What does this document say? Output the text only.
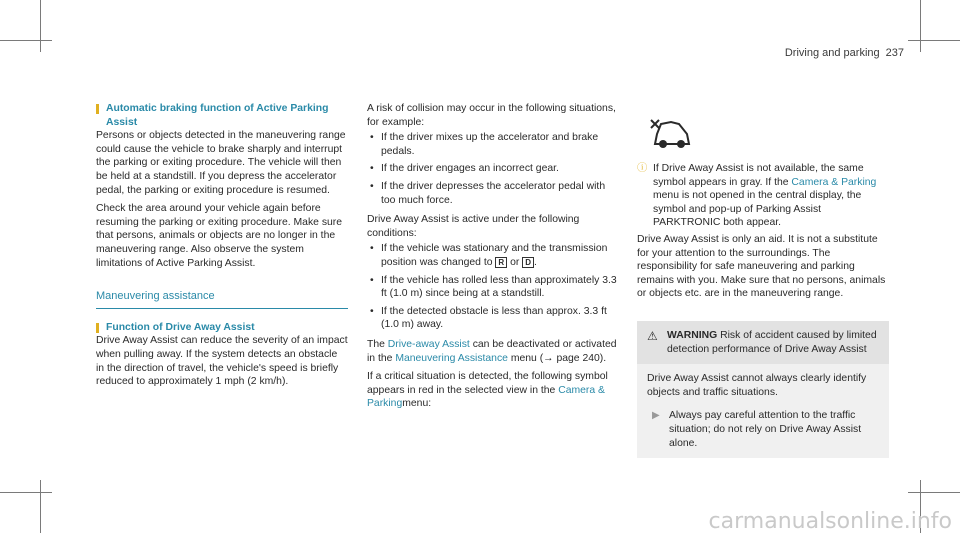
Driving and parking 237

Automatic braking function of Active Parking
Assist

Persons or objects detected in the maneuvering range could cause the vehicle to brake sharply and interrupt the parking or exiting procedure. The vehicle will then be held at a standstill. If you depress the accelerator pedal, the parking or exiting procedure is resumed.

Check the area around your vehicle again before resuming the parking or exiting procedure. Make sure that persons, animals or objects are no longer in the maneuvering range. Also observe the system limitations of Active Parking Assist.

Maneuvering assistance

Function of Drive Away Assist

Drive Away Assist can reduce the severity of an impact when pulling away. If the system detects an obstacle in the direction of travel, the vehicle's speed is briefly reduced to approximately 1 mph (2 km/h).

A risk of collision may occur in the following situations, for example:

• If the driver mixes up the accelerator and brake pedals.
• If the driver engages an incorrect gear.
• If the driver depresses the accelerator pedal with too much force.

Drive Away Assist is active under the following conditions:

• If the vehicle was stationary and the transmission position was changed to R or D .
• If the vehicle has rolled less than approximately 3.3 ft (1.0 m) since being at a standstill.
• If the detected obstacle is less than approx. 3.3 ft (1.0 m) away.

The Drive-away Assist can be deactivated or activated in the Maneuvering Assistance menu (→ page 240).

If a critical situation is detected, the following symbol appears in red in the selected view in the Camera & Parkingmenu:

ⓘ If Drive Away Assist is not available, the same symbol appears in gray. If the Camera & Parking menu is not opened in the central display, the symbol and pop-up of Parking Assist PARKTRONIC both appear.

Drive Away Assist is only an aid. It is not a substitute for your attention to the surroundings. The responsibility for safe maneuvering and parking remains with you. Make sure that no persons, animals or objects etc. are in the maneuvering range.

⚠ WARNING Risk of accident caused by limited detection performance of Drive Away Assist

Drive Away Assist cannot always clearly identify objects and traffic situations.

▶ Always pay careful attention to the traffic situation; do not rely on Drive Away Assist alone.
carmanualsonline.info
